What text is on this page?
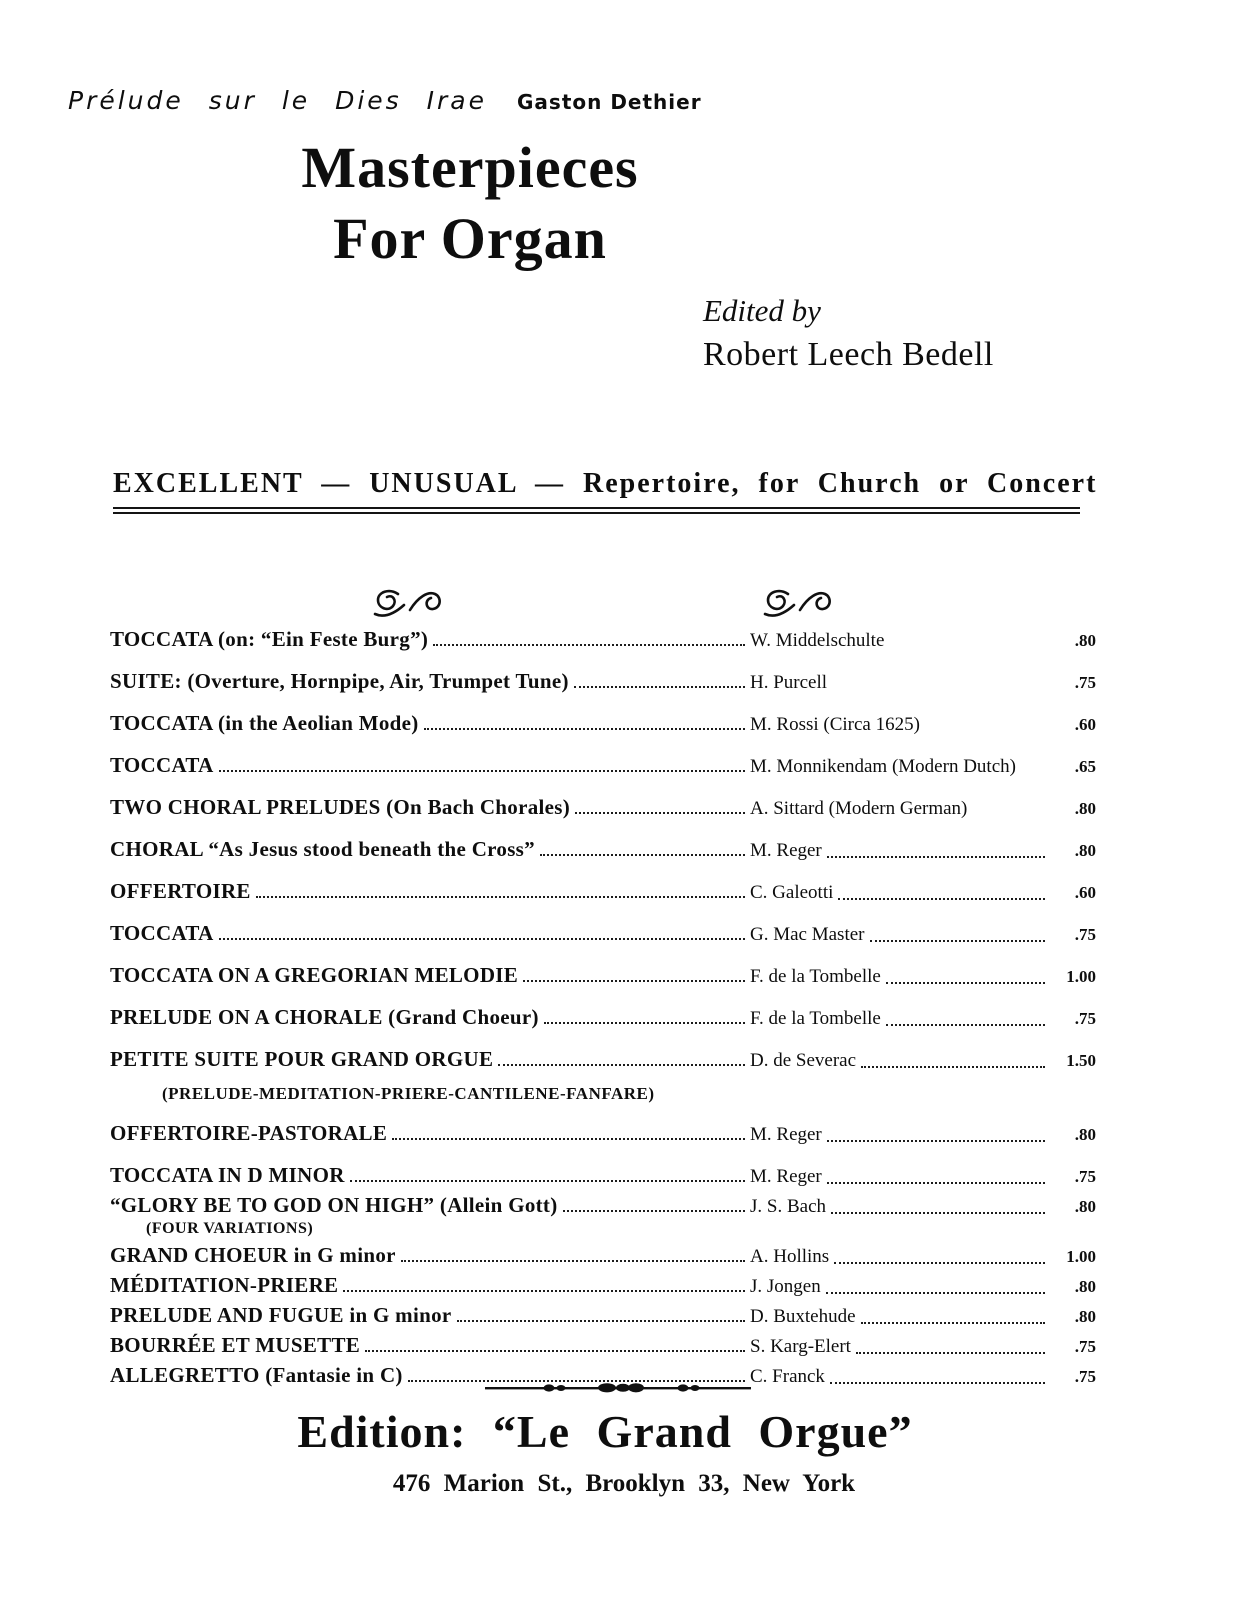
Prélude sur le Dies Irae Gaston Dethier
Masterpieces
For Organ
Edited by
Robert Leech Bedell
EXCELLENT — UNUSUAL — Repertoire, for Church or Concert
TOCCATA (on: “Ein Feste Burg”)	W. Middelschulte	.80
SUITE: (Overture, Hornpipe, Air, Trumpet Tune)	H. Purcell	.75
TOCCATA (in the Aeolian Mode)	M. Rossi (Circa 1625)	.60
TOCCATA	M. Monnikendam (Modern Dutch)	.65
TWO CHORAL PRELUDES (On Bach Chorales)	A. Sittard (Modern German)	.80
CHORAL “As Jesus stood beneath the Cross”	M. Reger	.80
OFFERTOIRE	C. Galeotti	.60
TOCCATA	G. Mac Master	.75
TOCCATA ON A GREGORIAN MELODIE	F. de la Tombelle	1.00
PRELUDE ON A CHORALE (Grand Choeur)	F. de la Tombelle	.75
PETITE SUITE POUR GRAND ORGUE	D. de Severac	1.50
(PRELUDE-MEDITATION-PRIERE-CANTILENE-FANFARE)
OFFERTOIRE-PASTORALE	M. Reger	.80
TOCCATA IN D MINOR	M. Reger	.75
“GLORY BE TO GOD ON HIGH” (Allein Gott)	J. S. Bach	.80
(FOUR VARIATIONS)
GRAND CHOEUR in G minor	A. Hollins	1.00
MÉDITATION-PRIERE	J. Jongen	.80
PRELUDE AND FUGUE in G minor	D. Buxtehude	.80
BOURRÉE ET MUSETTE	S. Karg-Elert	.75
ALLEGRETTO (Fantasie in C)	C. Franck	.75
Edition: “Le Grand Orgue”
476 Marion St., Brooklyn 33, New York
